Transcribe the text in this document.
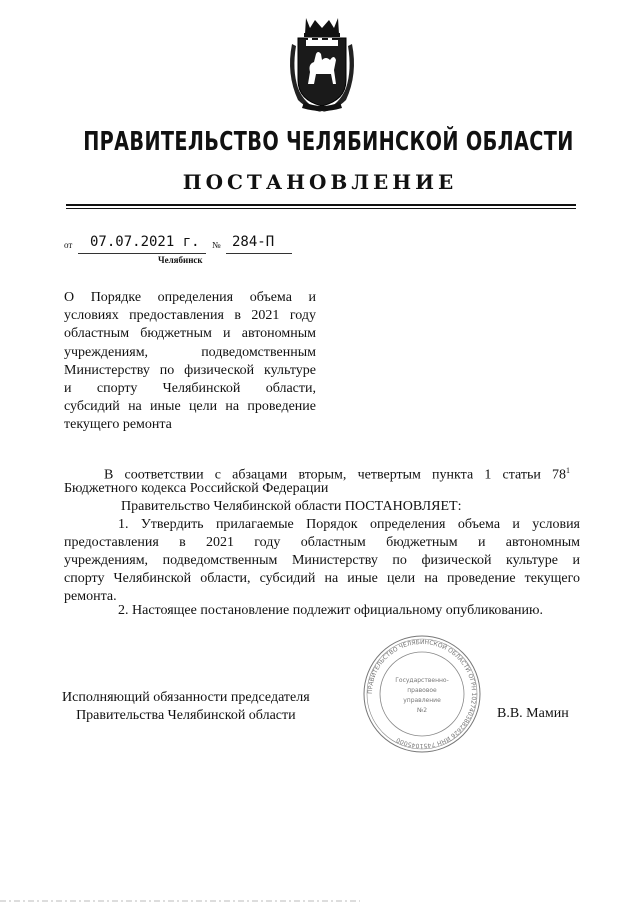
ПРАВИТЕЛЬСТВО ЧЕЛЯБИНСКОЙ ОБЛАСТИ
ПОСТАНОВЛЕНИЕ
от 07.07.2021 г. № 284-П
Челябинск
О Порядке определения объема и
условиях предоставления в 2021 году
областным бюджетным и автономным
учреждениям, подведомственным
Министерству по физической культуре
и спорту Челябинской области,
субсидий на иные цели на проведение
текущего ремонта
В соответствии с абзацами вторым, четвертым пункта 1 статьи $78^1$
Бюджетного кодекса Российской Федерации
Правительство Челябинской области ПОСТАНОВЛЯЕТ:
1. Утвердить прилагаемые Порядок определения объема и условия
предоставления в 2021 году областным бюджетным и автономным
учреждениям, подведомственным Министерству по физической культуре и
спорту Челябинской области, субсидий на иные цели на проведение текущего
ремонта.
2. Настоящее постановление подлежит официальному опубликованию.
ПРАВИТЕЛЬСТВО ЧЕЛЯБИНСКОЙ ОБЛАСТИ ОГРН 1027403882626 ИНН 7451045000
Государственно-
правовое
управление
№2
Исполняющий обязанности председателя
Правительства Челябинской области	В.В. Мамин
